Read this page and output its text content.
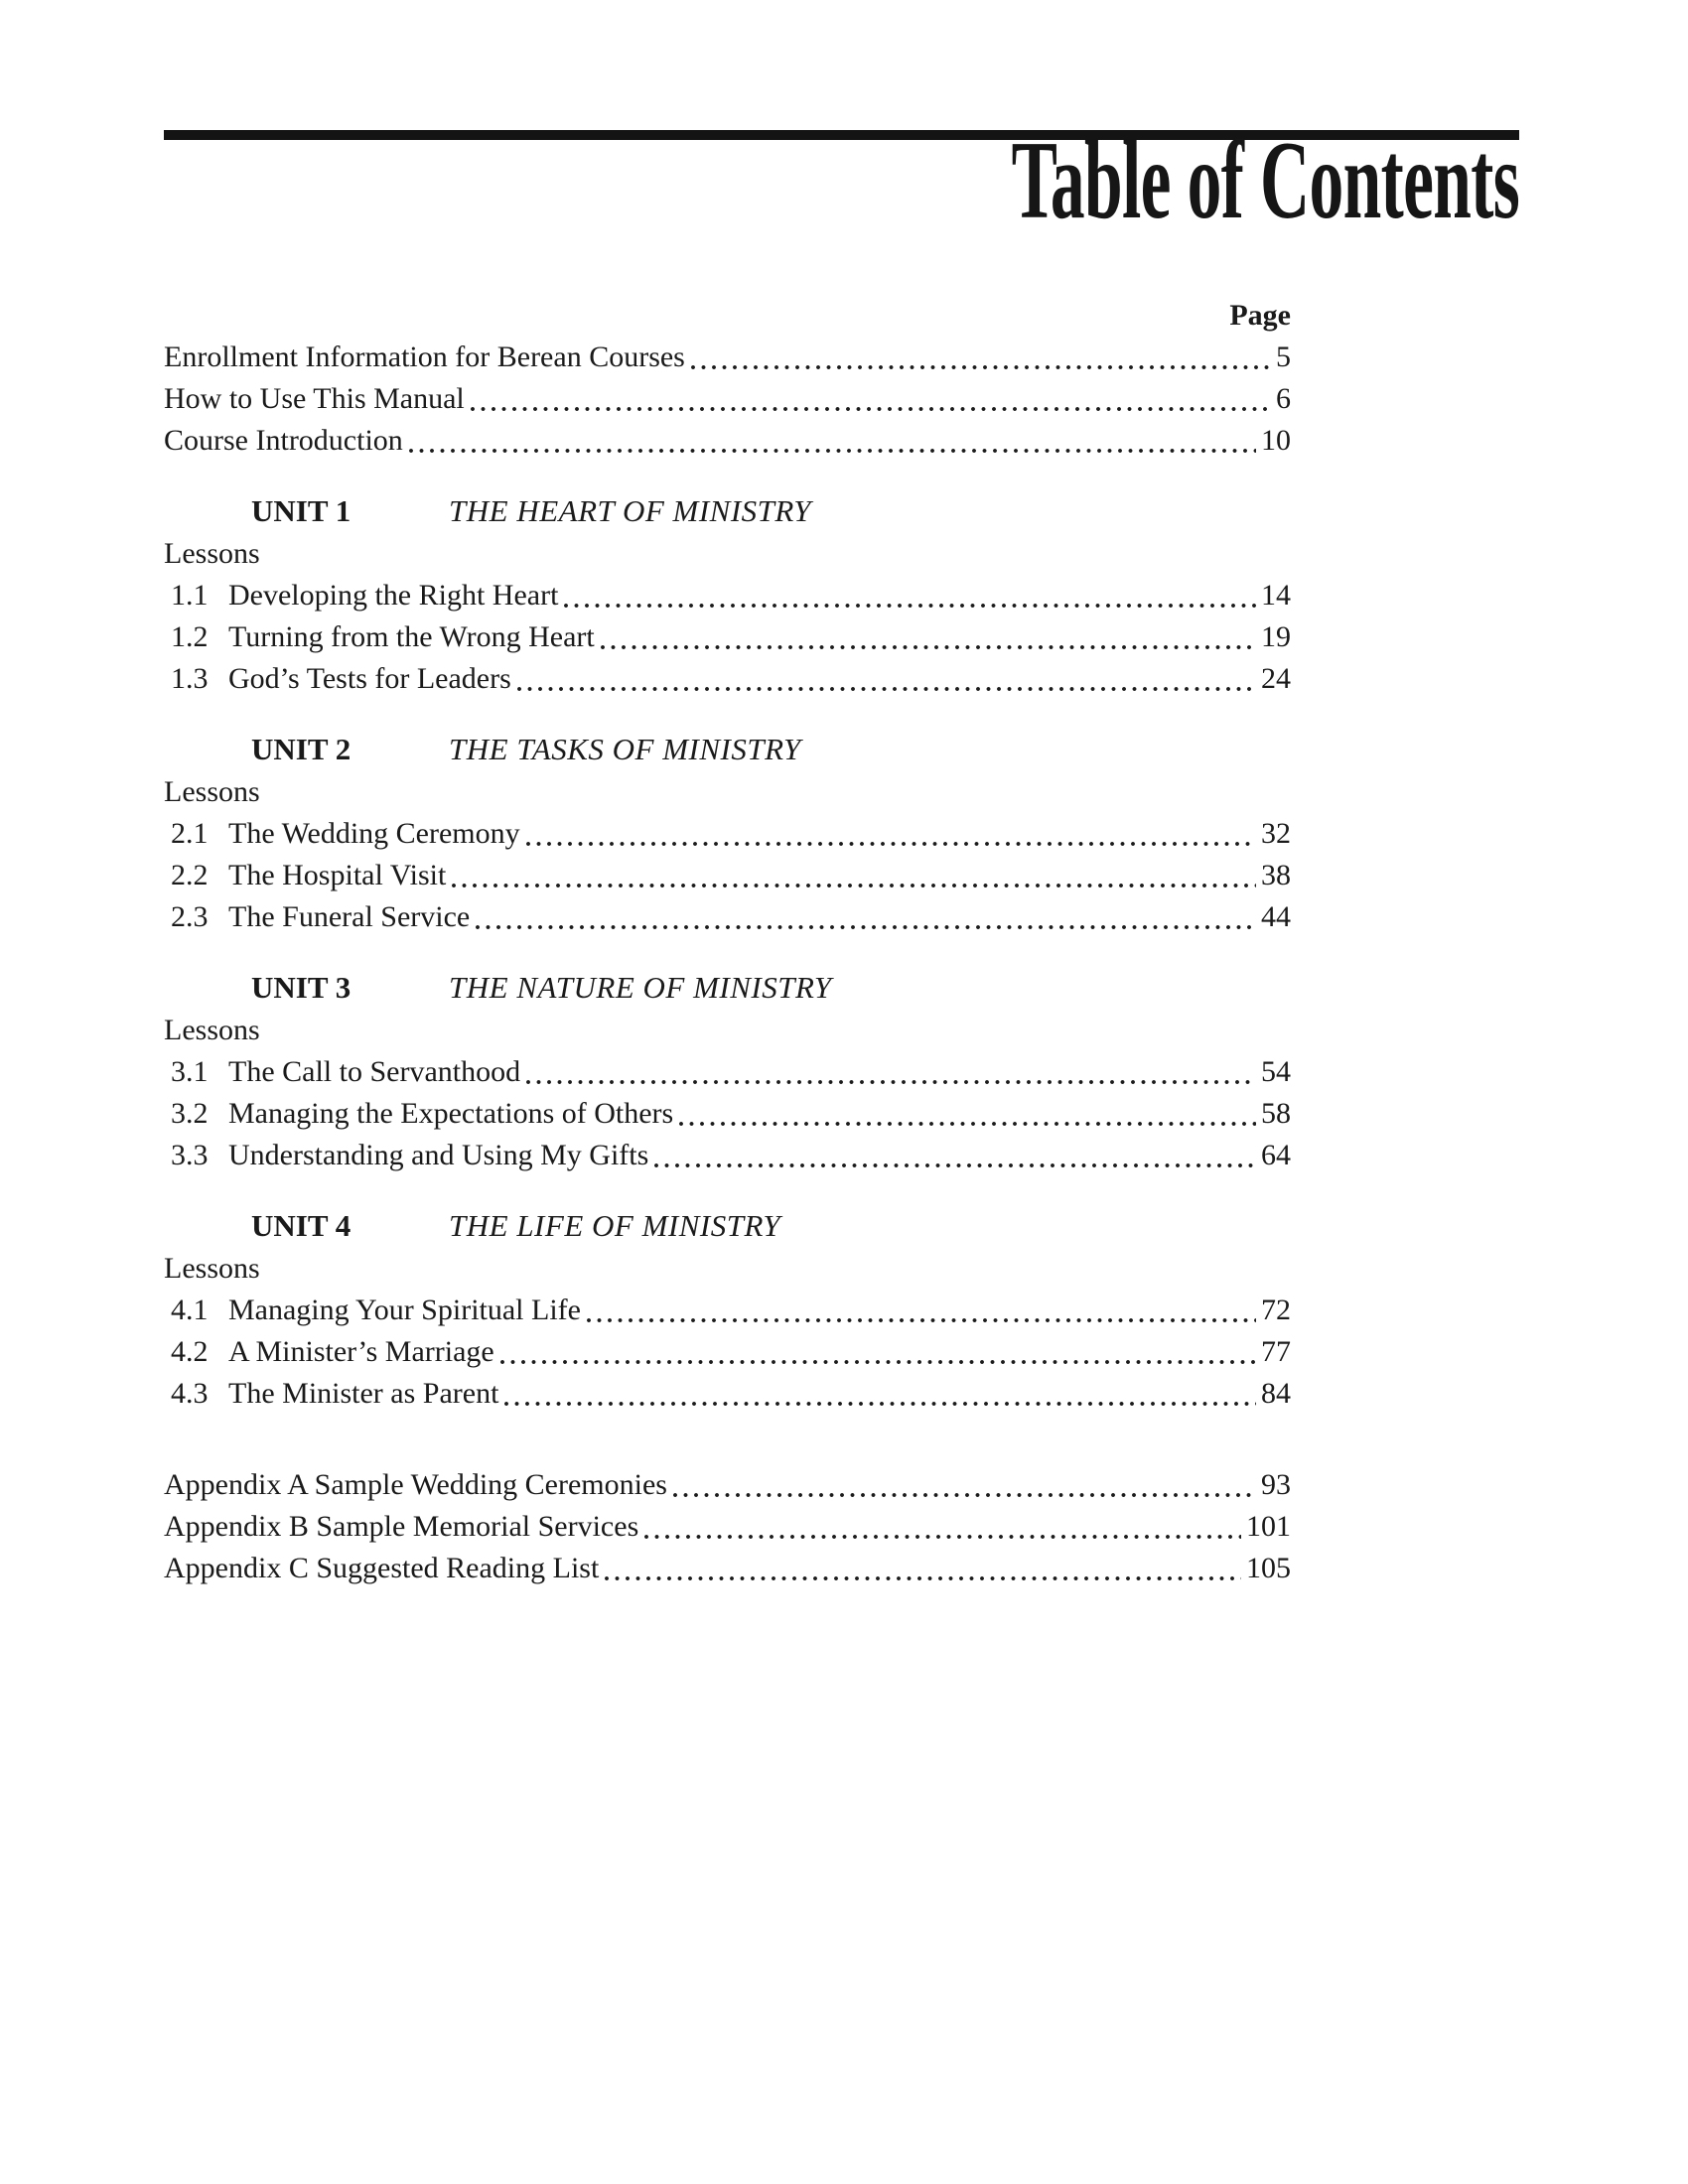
Table of Contents
Page
Enrollment Information for Berean Courses	5
How to Use This Manual	6
Course Introduction	10
UNIT 1	THE HEART OF MINISTRY
Lessons
1.1 Developing the Right Heart	14
1.2 Turning from the Wrong Heart	19
1.3 God’s Tests for Leaders	24
UNIT 2	THE TASKS OF MINISTRY
Lessons
2.1 The Wedding Ceremony	32
2.2 The Hospital Visit	38
2.3 The Funeral Service	44
UNIT 3	THE NATURE OF MINISTRY
Lessons
3.1 The Call to Servanthood	54
3.2 Managing the Expectations of Others	58
3.3 Understanding and Using My Gifts	64
UNIT 4	THE LIFE OF MINISTRY
Lessons
4.1 Managing Your Spiritual Life	72
4.2 A Minister’s Marriage	77
4.3 The Minister as Parent	84
Appendix A Sample Wedding Ceremonies	93
Appendix B Sample Memorial Services	101
Appendix C Suggested Reading List	105
